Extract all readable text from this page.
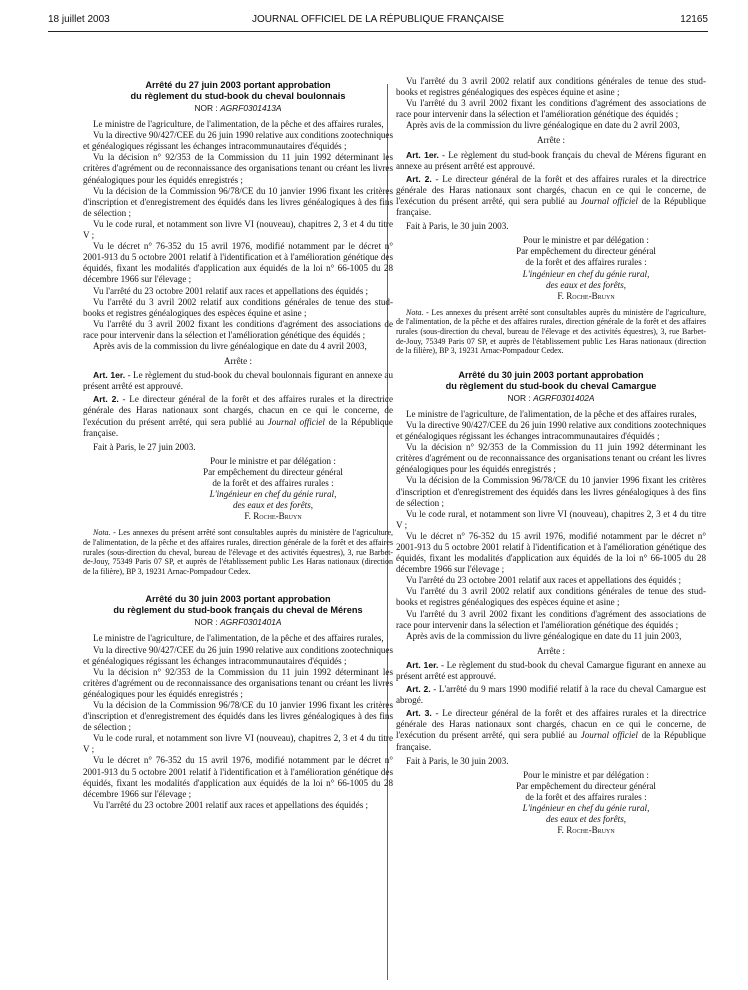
18 juillet 2003	JOURNAL OFFICIEL DE LA RÉPUBLIQUE FRANÇAISE	12165
Arrêté du 27 juin 2003 portant approbation
du règlement du stud-book du cheval boulonnais
NOR : AGRF0301413A

Le ministre de l'agriculture, de l'alimentation, de la pêche et des affaires rurales,

Vu la directive 90/427/CEE du 26 juin 1990 relative aux conditions zootechniques et généalogiques régissant les échanges intracommunautaires d'équidés ;

Vu la décision n° 92/353 de la Commission du 11 juin 1992 déterminant les critères d'agrément ou de reconnaissance des organisations tenant ou créant les livres généalogiques pour les équidés enregistrés ;

Vu la décision de la Commission 96/78/CE du 10 janvier 1996 fixant les critères d'inscription et d'enregistrement des équidés dans les livres généalogiques à des fins de sélection ;

Vu le code rural, et notamment son livre VI (nouveau), chapitres 2, 3 et 4 du titre V ;

Vu le décret n° 76-352 du 15 avril 1976, modifié notamment par le décret n° 2001-913 du 5 octobre 2001 relatif à l'identification et à l'amélioration génétique des équidés, fixant les modalités d'application aux équidés de la loi n° 66-1005 du 28 décembre 1966 sur l'élevage ;

Vu l'arrêté du 23 octobre 2001 relatif aux races et appellations des équidés ;

Vu l'arrêté du 3 avril 2002 relatif aux conditions générales de tenue des stud-books et registres généalogiques des espèces équine et asine ;

Vu l'arrêté du 3 avril 2002 fixant les conditions d'agrément des associations de race pour intervenir dans la sélection et l'amélioration génétique des équidés ;

Après avis de la commission du livre généalogique en date du 4 avril 2003,

Arrête :

Art. 1er. - Le règlement du stud-book du cheval boulonnais figurant en annexe au présent arrêté est approuvé.

Art. 2. - Le directeur général de la forêt et des affaires rurales et la directrice générale des Haras nationaux sont chargés, chacun en ce qui le concerne, de l'exécution du présent arrêté, qui sera publié au Journal officiel de la République française.

Fait à Paris, le 27 juin 2003.

Pour le ministre et par délégation :
Par empêchement du directeur général
de la forêt et des affaires rurales :
L'ingénieur en chef du génie rural,
des eaux et des forêts,
F. Roche-Bruyn
Nota. - Les annexes du présent arrêté sont consultables auprès du ministère de l'agriculture, de l'alimentation, de la pêche et des affaires rurales, direction générale de la forêt et des affaires rurales (sous-direction du cheval, bureau de l'élevage et des activités équestres), 3, rue Barbet-de-Jouy, 75349 Paris 07 SP, et auprès de l'établissement public Les Haras nationaux (direction de la filière), BP 3, 19231 Arnac-Pompadour Cedex.
Arrêté du 30 juin 2003 portant approbation
du règlement du stud-book français du cheval de Mérens
NOR : AGRF0301401A

Le ministre de l'agriculture, de l'alimentation, de la pêche et des affaires rurales,

Vu la directive 90/427/CEE du 26 juin 1990 relative aux conditions zootechniques et généalogiques régissant les échanges intracommunautaires d'équidés ;

Vu la décision n° 92/353 de la Commission du 11 juin 1992 déterminant les critères d'agrément ou de reconnaissance des organisations tenant ou créant les livres généalogiques pour les équidés enregistrés ;

Vu la décision de la Commission 96/78/CE du 10 janvier 1996 fixant les critères d'inscription et d'enregistrement des équidés dans les livres généalogiques à des fins de sélection ;

Vu le code rural, et notamment son livre VI (nouveau), chapitres 2, 3 et 4 du titre V ;

Vu le décret n° 76-352 du 15 avril 1976, modifié notamment par le décret n° 2001-913 du 5 octobre 2001 relatif à l'identification et à l'amélioration génétique des équidés, fixant les modalités d'application aux équidés de la loi n° 66-1005 du 28 décembre 1966 sur l'élevage ;

Vu l'arrêté du 23 octobre 2001 relatif aux races et appellations des équidés ;

Vu l'arrêté du 3 avril 2002 relatif aux conditions générales de tenue des stud-books et registres généalogiques des espèces équine et asine ;

Vu l'arrêté du 3 avril 2002 fixant les conditions d'agrément des associations de race pour intervenir dans la sélection et l'amélioration génétique des équidés ;

Après avis de la commission du livre généalogique en date du 2 avril 2003,

Arrête :

Art. 1er. - Le règlement du stud-book français du cheval de Mérens figurant en annexe au présent arrêté est approuvé.

Art. 2. - Le directeur général de la forêt et des affaires rurales et la directrice générale des Haras nationaux sont chargés, chacun en ce qui le concerne, de l'exécution du présent arrêté, qui sera publié au Journal officiel de la République française.

Fait à Paris, le 30 juin 2003.

Pour le ministre et par délégation :
Par empêchement du directeur général
de la forêt et des affaires rurales :
L'ingénieur en chef du génie rural,
des eaux et des forêts,
F. Roche-Bruyn
Nota. - Les annexes du présent arrêté sont consultables auprès du ministère de l'agriculture, de l'alimentation, de la pêche et des affaires rurales, direction générale de la forêt et des affaires rurales (sous-direction du cheval, bureau de l'élevage et des activités équestres), 3, rue Barbet-de-Jouy, 75349 Paris 07 SP, et auprès de l'établissement public Les Haras nationaux (direction de la filière), BP 3, 19231 Arnac-Pompadour Cedex.
Arrêté du 30 juin 2003 portant approbation
du règlement du stud-book du cheval Camargue
NOR : AGRF0301402A

Le ministre de l'agriculture, de l'alimentation, de la pêche et des affaires rurales,

Vu la directive 90/427/CEE du 26 juin 1990 relative aux conditions zootechniques et généalogiques régissant les échanges intracommunautaires d'équidés ;

Vu la décision n° 92/353 de la Commission du 11 juin 1992 déterminant les critères d'agrément ou de reconnaissance des organisations tenant ou créant les livres généalogiques pour les équidés enregistrés ;

Vu la décision de la Commission 96/78/CE du 10 janvier 1996 fixant les critères d'inscription et d'enregistrement des équidés dans les livres généalogiques à des fins de sélection ;

Vu le code rural, et notamment son livre VI (nouveau), chapitres 2, 3 et 4 du titre V ;

Vu le décret n° 76-352 du 15 avril 1976, modifié notamment par le décret n° 2001-913 du 5 octobre 2001 relatif à l'identification et à l'amélioration génétique des équidés, fixant les modalités d'application aux équidés de la loi n° 66-1005 du 28 décembre 1966 sur l'élevage ;

Vu l'arrêté du 23 octobre 2001 relatif aux races et appellations des équidés ;

Vu l'arrêté du 3 avril 2002 relatif aux conditions générales de tenue des stud-books et registres généalogiques des espèces équine et asine ;

Vu l'arrêté du 3 avril 2002 fixant les conditions d'agrément des associations de race pour intervenir dans la sélection et l'amélioration génétique des équidés ;

Après avis de la commission du livre généalogique en date du 11 juin 2003,

Arrête :

Art. 1er. - Le règlement du stud-book du cheval Camargue figurant en annexe au présent arrêté est approuvé.

Art. 2. - L'arrêté du 9 mars 1990 modifié relatif à la race du cheval Camargue est abrogé.

Art. 3. - Le directeur général de la forêt et des affaires rurales et la directrice générale des Haras nationaux sont chargés, chacun en ce qui le concerne, de l'exécution du présent arrêté, qui sera publié au Journal officiel de la République française.

Fait à Paris, le 30 juin 2003.

Pour le ministre et par délégation :
Par empêchement du directeur général
de la forêt et des affaires rurales :
L'ingénieur en chef du génie rural,
des eaux et des forêts,
F. Roche-Bruyn
